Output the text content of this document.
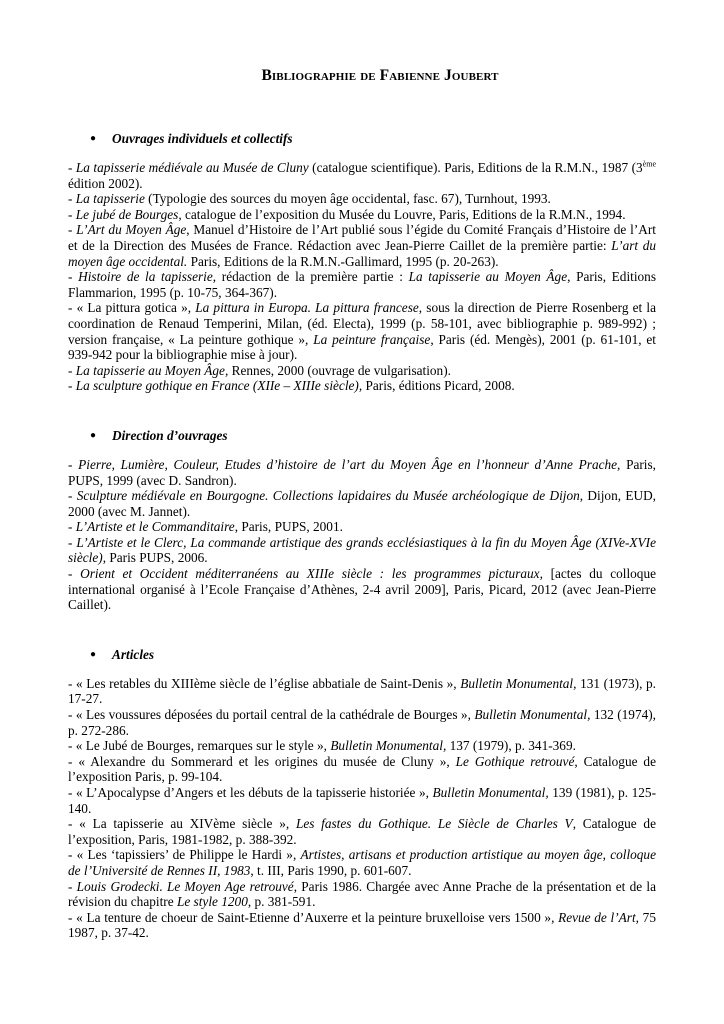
Bibliographie de Fabienne Joubert
●	Ouvrages individuels et collectifs

- La tapisserie médiévale au Musée de Cluny (catalogue scientifique). Paris, Editions de la R.M.N., 1987 (3ème édition 2002).

- La tapisserie (Typologie des sources du moyen âge occidental, fasc. 67), Turnhout, 1993.

- Le jubé de Bourges, catalogue de l’exposition du Musée du Louvre, Paris, Editions de la R.M.N., 1994.

- L’Art du Moyen Âge, Manuel d’Histoire de l’Art publié sous l’égide du Comité Français d’Histoire de l’Art et de la Direction des Musées de France. Rédaction avec Jean-Pierre Caillet de la première partie: L’art du moyen âge occidental. Paris, Editions de la R.M.N.-Gallimard, 1995 (p. 20-263).

- Histoire de la tapisserie, rédaction de la première partie : La tapisserie au Moyen Âge, Paris, Editions Flammarion, 1995 (p. 10-75, 364-367).

- « La pittura gotica », La pittura in Europa. La pittura francese, sous la direction de Pierre Rosenberg et la coordination de Renaud Temperini, Milan, (éd. Electa), 1999 (p. 58-101, avec bibliographie p. 989-992) ; version française, « La peinture gothique », La peinture française, Paris (éd. Mengès), 2001 (p. 61-101, et 939-942 pour la bibliographie mise à jour).

- La tapisserie au Moyen Âge, Rennes, 2000 (ouvrage de vulgarisation).

- La sculpture gothique en France (XIIe – XIIIe siècle), Paris, éditions Picard, 2008.

●	Direction d’ouvrages

- Pierre, Lumière, Couleur, Etudes d’histoire de l’art du Moyen Âge en l’honneur d’Anne Prache, Paris, PUPS, 1999 (avec D. Sandron).

- Sculpture médiévale en Bourgogne. Collections lapidaires du Musée archéologique de Dijon, Dijon, EUD, 2000 (avec M. Jannet).

- L’Artiste et le Commanditaire, Paris, PUPS, 2001.

- L’Artiste et le Clerc, La commande artistique des grands ecclésiastiques à la fin du Moyen Âge (XIVe-XVIe siècle), Paris PUPS, 2006.

- Orient et Occident méditerranéens au XIIIe siècle : les programmes picturaux, [actes du colloque international organisé à l’Ecole Française d’Athènes, 2-4 avril 2009], Paris, Picard, 2012 (avec Jean-Pierre Caillet).

●	Articles

- « Les retables du XIIIème siècle de l’église abbatiale de Saint-Denis », Bulletin Monumental, 131 (1973), p. 17-27.

- « Les voussures déposées du portail central de la cathédrale de Bourges », Bulletin Monumental, 132 (1974), p. 272-286.

- « Le Jubé de Bourges, remarques sur le style », Bulletin Monumental, 137 (1979), p. 341-369.

- « Alexandre du Sommerard et les origines du musée de Cluny », Le Gothique retrouvé, Catalogue de l’exposition Paris, p. 99-104.

- « L’Apocalypse d’Angers et les débuts de la tapisserie historiée », Bulletin Monumental, 139 (1981), p. 125-140.

- « La tapisserie au XIVème siècle », Les fastes du Gothique. Le Siècle de Charles V, Catalogue de l’exposition, Paris, 1981-1982, p. 388-392.

- « Les ‘tapissiers’ de Philippe le Hardi », Artistes, artisans et production artistique au moyen âge, colloque de l’Université de Rennes II, 1983, t. III, Paris 1990, p. 601-607.

- Louis Grodecki. Le Moyen Age retrouvé, Paris 1986. Chargée avec Anne Prache de la présentation et de la révision du chapitre Le style 1200, p. 381-591.

- « La tenture de choeur de Saint-Etienne d’Auxerre et la peinture bruxelloise vers 1500 », Revue de l’Art, 75 1987, p. 37-42.
